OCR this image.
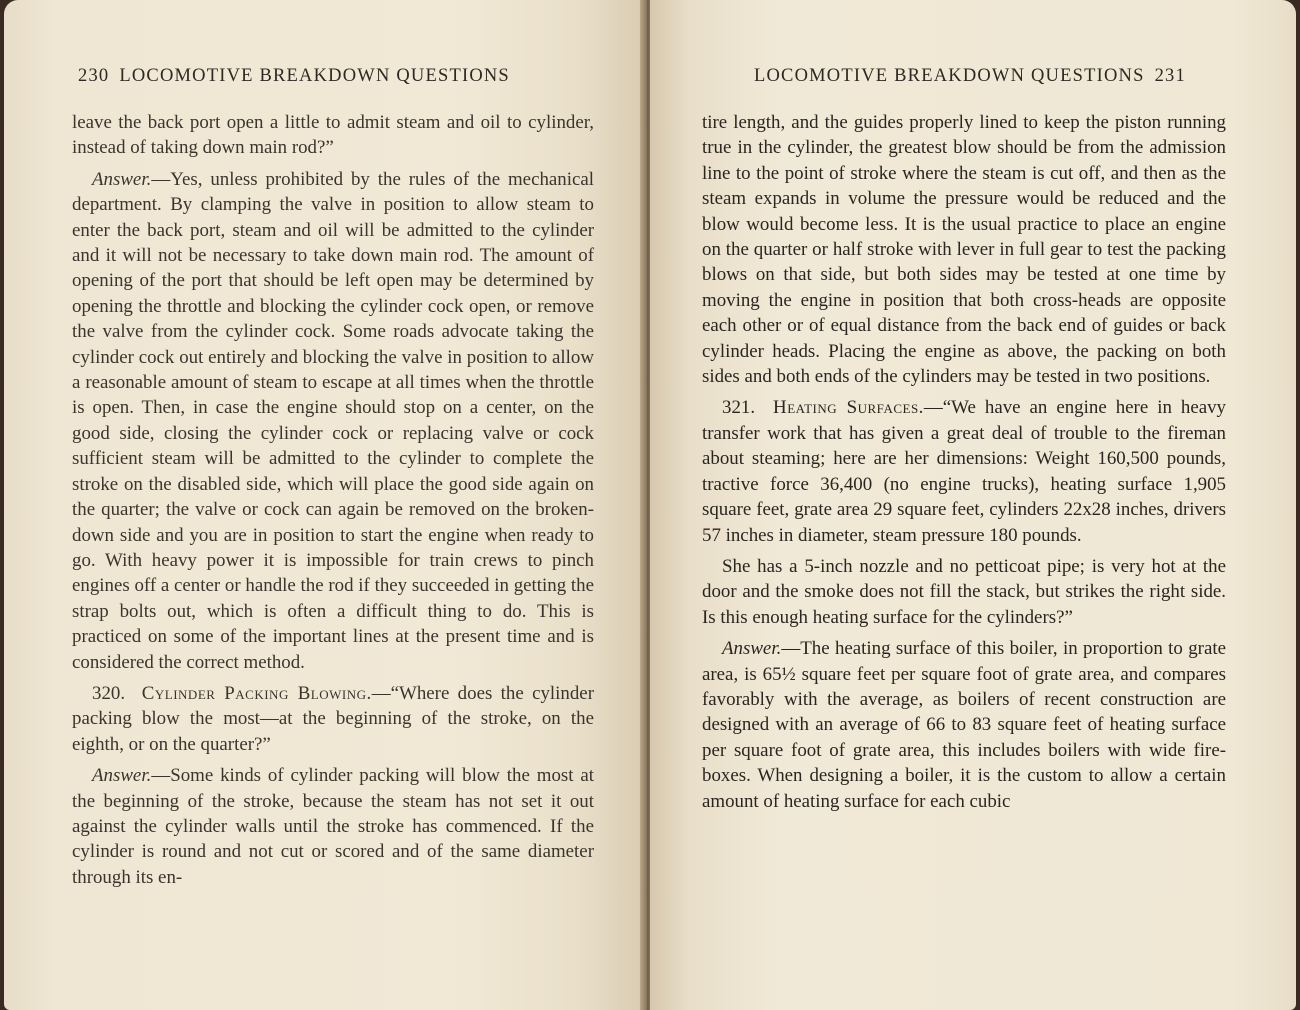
230 LOCOMOTIVE BREAKDOWN QUESTIONS

leave the back port open a little to admit steam and oil to cylinder, instead of taking down main rod?”

Answer.—Yes, unless prohibited by the rules of the mechanical department. By clamping the valve in position to allow steam to enter the back port, steam and oil will be admitted to the cylinder and it will not be necessary to take down main rod. The amount of opening of the port that should be left open may be determined by opening the throttle and blocking the cylinder cock open, or remove the valve from the cylinder cock. Some roads advocate taking the cylinder cock out entirely and blocking the valve in position to allow a reasonable amount of steam to escape at all times when the throttle is open. Then, in case the engine should stop on a center, on the good side, closing the cylinder cock or replacing valve or cock sufficient steam will be admitted to the cylinder to complete the stroke on the disabled side, which will place the good side again on the quarter; the valve or cock can again be removed on the broken-down side and you are in position to start the engine when ready to go. With heavy power it is impossible for train crews to pinch engines off a center or handle the rod if they succeeded in getting the strap bolts out, which is often a difficult thing to do. This is practiced on some of the important lines at the present time and is considered the correct method.

320. Cylinder Packing Blowing.—“Where does the cylinder packing blow the most—at the beginning of the stroke, on the eighth, or on the quarter?”

Answer.—Some kinds of cylinder packing will blow the most at the beginning of the stroke, because the steam has not set it out against the cylinder walls until the stroke has commenced. If the cylinder is round and not cut or scored and of the same diameter through its en-

LOCOMOTIVE BREAKDOWN QUESTIONS 231

tire length, and the guides properly lined to keep the piston running true in the cylinder, the greatest blow should be from the admission line to the point of stroke where the steam is cut off, and then as the steam expands in volume the pressure would be reduced and the blow would become less. It is the usual practice to place an engine on the quarter or half stroke with lever in full gear to test the packing blows on that side, but both sides may be tested at one time by moving the engine in position that both cross-heads are opposite each other or of equal distance from the back end of guides or back cylinder heads. Placing the engine as above, the packing on both sides and both ends of the cylinders may be tested in two positions.

321. Heating Surfaces.—“We have an engine here in heavy transfer work that has given a great deal of trouble to the fireman about steaming; here are her dimensions: Weight 160,500 pounds, tractive force 36,400 (no engine trucks), heating surface 1,905 square feet, grate area 29 square feet, cylinders 22x28 inches, drivers 57 inches in diameter, steam pressure 180 pounds.

She has a 5-inch nozzle and no petticoat pipe; is very hot at the door and the smoke does not fill the stack, but strikes the right side. Is this enough heating surface for the cylinders?”

Answer.—The heating surface of this boiler, in proportion to grate area, is 65½ square feet per square foot of grate area, and compares favorably with the average, as boilers of recent construction are designed with an average of 66 to 83 square feet of heating surface per square foot of grate area, this includes boilers with wide fire-boxes. When designing a boiler, it is the custom to allow a certain amount of heating surface for each cubic
